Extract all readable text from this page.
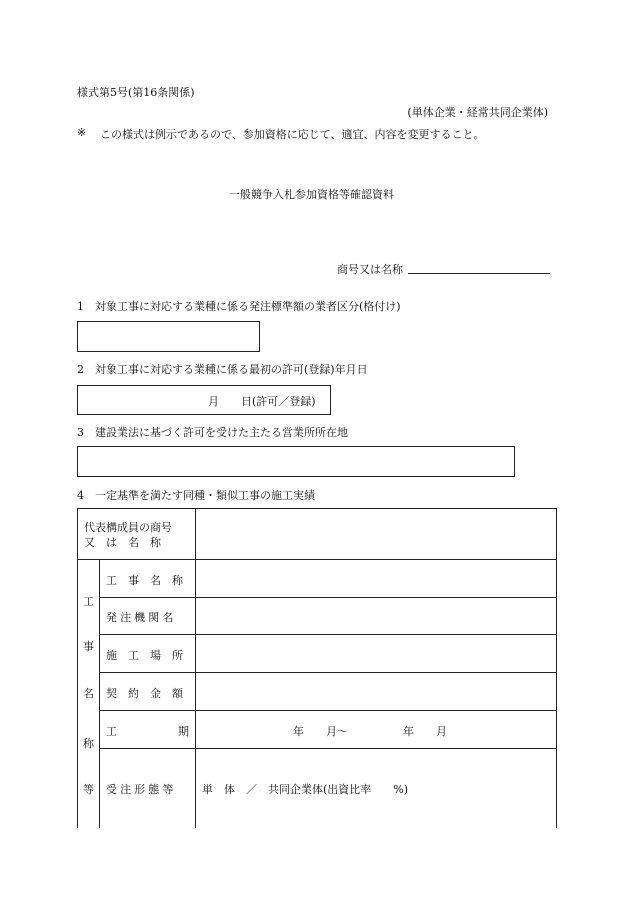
様式第5号(第16条関係)
(単体企業・経常共同企業体)
※ この様式は例示であるので、参加資格に応じて、適宜、内容を変更すること。
一般競争入札参加資格等確認資料
商号又は名称
1　対象工事に対応する業種に係る発注標準額の業者区分(格付け)
2　対象工事に対応する業種に係る最初の許可(登録)年月日
月　　日(許可／登録)
3　建設業法に基づく許可を受けた主たる営業所所在地
4　一定基準を満たす同種・類似工事の施工実績
代表構成員の商号
又　は　名　称
工
事
名
称
等
工　事　名　称
発注機関名
施　工　場　所
契　約　金　額
工	期
受注形態等
年　　月〜　　　　　年　　月
単　体　／　共同企業体(出資比率　　%)
